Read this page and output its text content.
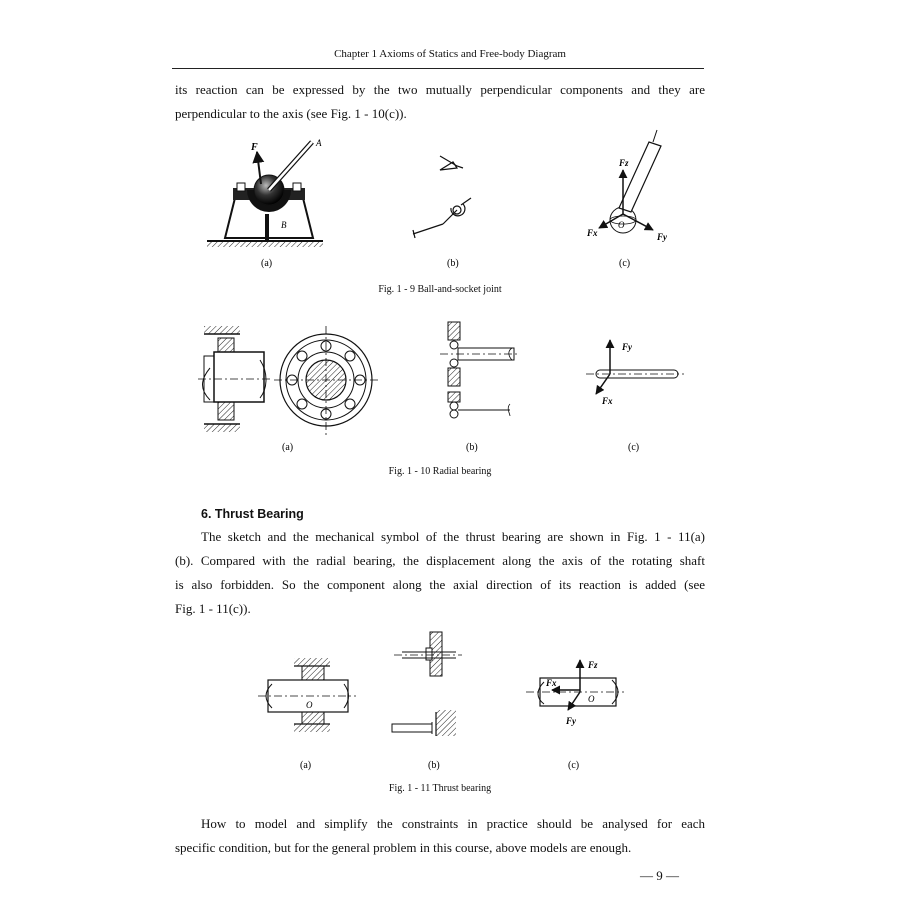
Chapter 1 Axioms of Statics and Free-body Diagram
its reaction can be expressed by the two mutually perpendicular components and they are
perpendicular to the axis (see Fig. 1 - 10(c)).
F	A
B
(a)	(b)
Fz
Fx	Fy
O
(c)
Fig. 1 - 9 Ball-and-socket joint
(a)	(b)
Fy
Fx
(c)
Fig. 1 - 10 Radial bearing
6. Thrust Bearing
The sketch and the mechanical symbol of the thrust bearing are shown in Fig. 1 - 11(a)
(b). Compared with the radial bearing, the displacement along the axis of the rotating shaft
is also forbidden. So the component along the axial direction of its reaction is added (see
Fig. 1 - 11(c)).
O
(a)	(b)
Fz
Fx
O
Fy
(c)
Fig. 1 - 11 Thrust bearing
How to model and simplify the constraints in practice should be analysed for each
specific condition, but for the general problem in this course, above models are enough.
— 9 —
